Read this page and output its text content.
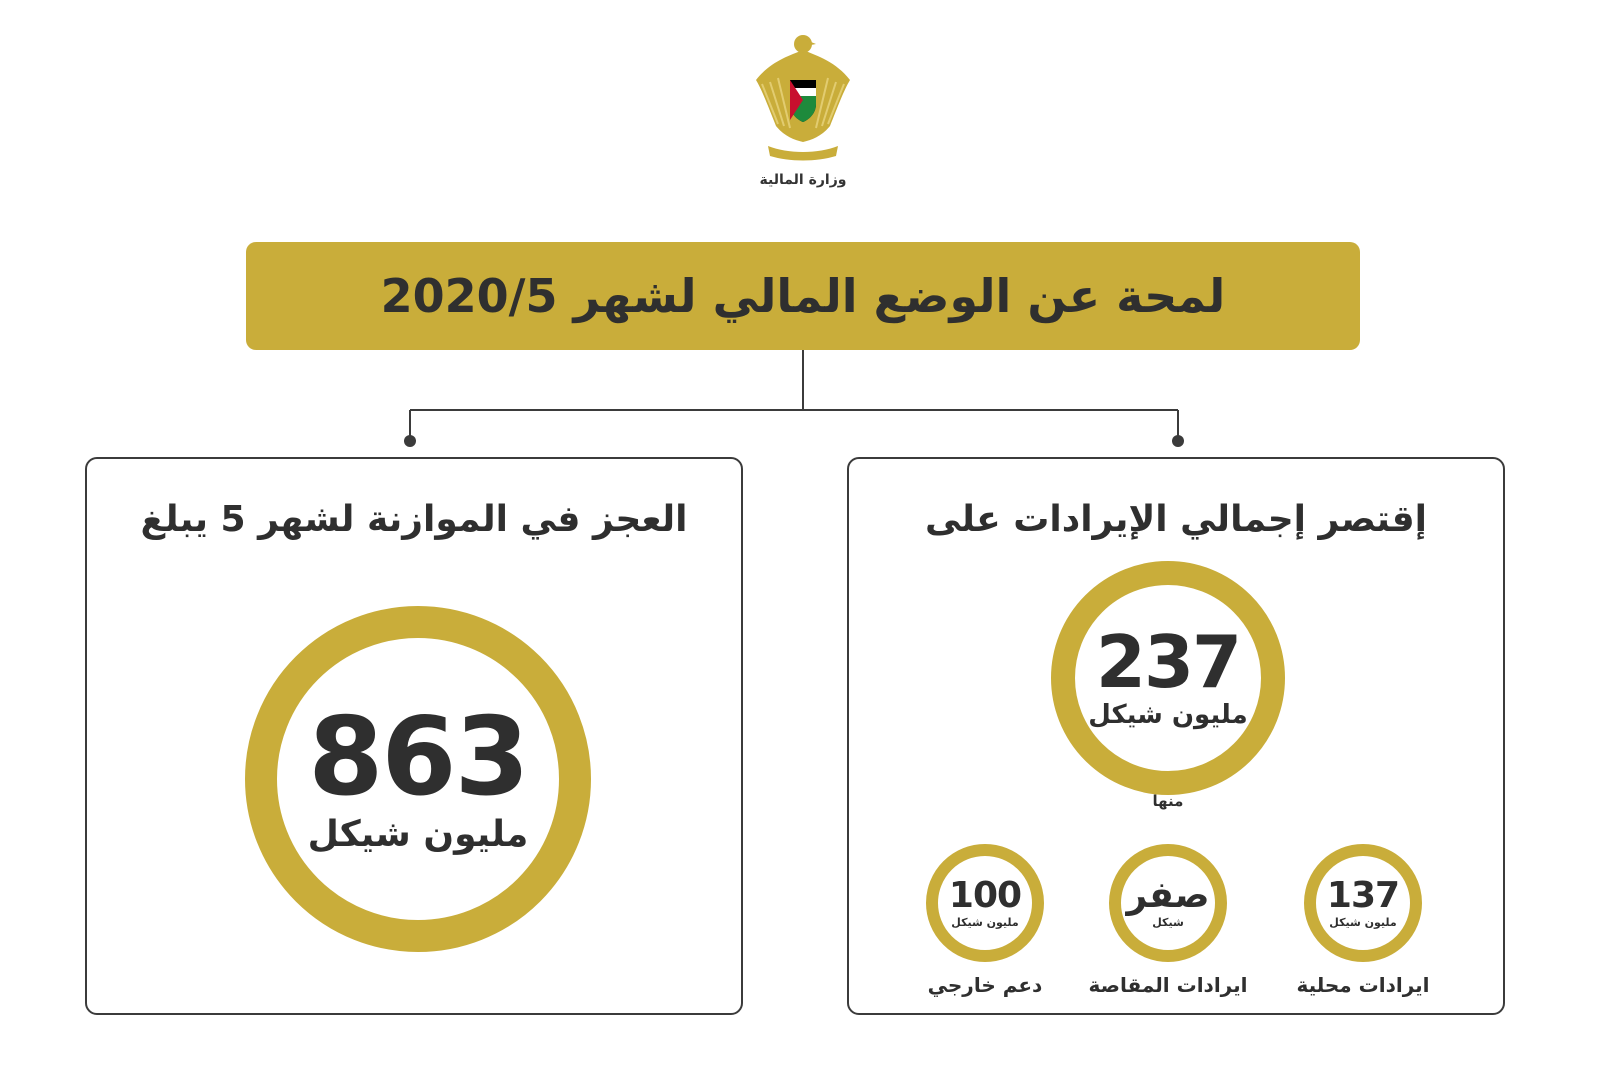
وزارة المالية
لمحة عن الوضع المالي لشهر 2020/5
العجز في الموازنة لشهر 5 يبلغ
863
مليون شيكل
إقتصر إجمالي الإيرادات على
237
مليون شيكل
منها
137
مليون شيكل
ايرادات محلية
صفر
شيكل
ايرادات المقاصة
100
مليون شيكل
دعم خارجي
